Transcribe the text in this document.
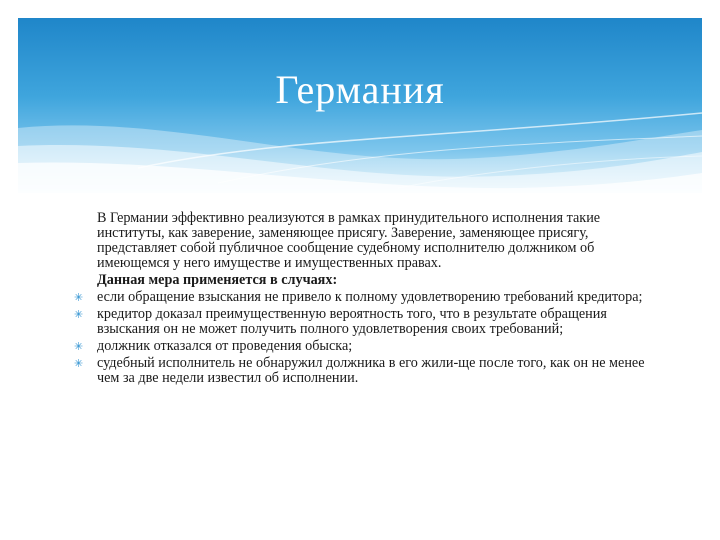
Германия
В Германии эффективно реализуются в рамках принудительного исполнения такие институты, как заверение, заменяющее присягу. Заверение, заменяющее присягу, представляет собой публичное сообщение судебному исполнителю должником об имеющемся у него имуществе и имущественных правах.
Данная мера применяется в случаях:
✳ если обращение взыскания не привело к полному удовлетворению требований кредитора;
✳ кредитор доказал преимущественную вероятность того, что в результате обращения взыскания он не может получить полного удовлетворения своих требований;
✳ должник отказался от проведения обыска;
✳ судебный исполнитель не обнаружил должника в его жили-ще после того, как он не менее чем за две недели известил об исполнении.
